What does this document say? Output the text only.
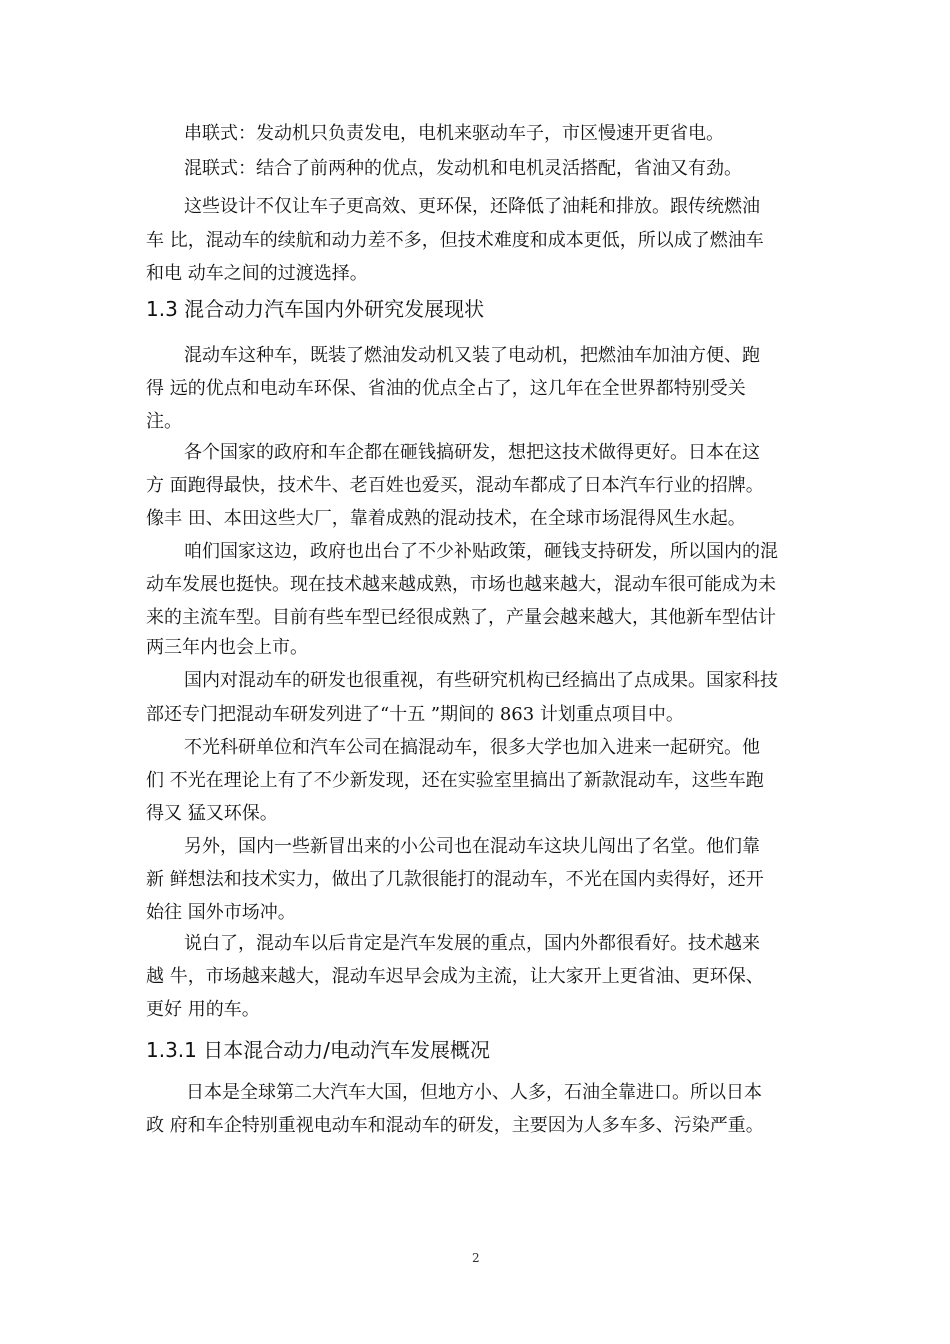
串联式：发动机只负责发电，电机来驱动车子，市区慢速开更省电。
混联式：结合了前两种的优点，发动机和电机灵活搭配，省油又有劲。
这些设计不仅让车子更高效、更环保，还降低了油耗和排放。跟传统燃油
车 比，混动车的续航和动力差不多，但技术难度和成本更低，所以成了燃油车
和电 动车之间的过渡选择。
1.3 混合动力汽车国内外研究发展现状
混动车这种车，既装了燃油发动机又装了电动机，把燃油车加油方便、跑
得 远的优点和电动车环保、省油的优点全占了，这几年在全世界都特别受关
注。
各个国家的政府和车企都在砸钱搞研发，想把这技术做得更好。日本在这
方 面跑得最快，技术牛、老百姓也爱买，混动车都成了日本汽车行业的招牌。
像丰 田、本田这些大厂，靠着成熟的混动技术，在全球市场混得风生水起。
咱们国家这边，政府也出台了不少补贴政策，砸钱支持研发，所以国内的混
动车发展也挺快。现在技术越来越成熟，市场也越来越大，混动车很可能成为未
来的主流车型。目前有些车型已经很成熟了，产量会越来越大，其他新车型估计
两三年内也会上市。
国内对混动车的研发也很重视，有些研究机构已经搞出了点成果。国家科技
部还专门把混动车研发列进了“十五 ”期间的 863 计划重点项目中。
不光科研单位和汽车公司在搞混动车，很多大学也加入进来一起研究。他
们 不光在理论上有了不少新发现，还在实验室里搞出了新款混动车，这些车跑
得又 猛又环保。
另外，国内一些新冒出来的小公司也在混动车这块儿闯出了名堂。他们靠
新 鲜想法和技术实力，做出了几款很能打的混动车，不光在国内卖得好，还开
始往 国外市场冲。
说白了，混动车以后肯定是汽车发展的重点，国内外都很看好。技术越来
越 牛，市场越来越大，混动车迟早会成为主流，让大家开上更省油、更环保、
更好 用的车。
1.3.1 日本混合动力/电动汽车发展概况
日本是全球第二大汽车大国，但地方小、人多，石油全靠进口。所以日本
政 府和车企特别重视电动车和混动车的研发，主要因为人多车多、污染严重。
2
